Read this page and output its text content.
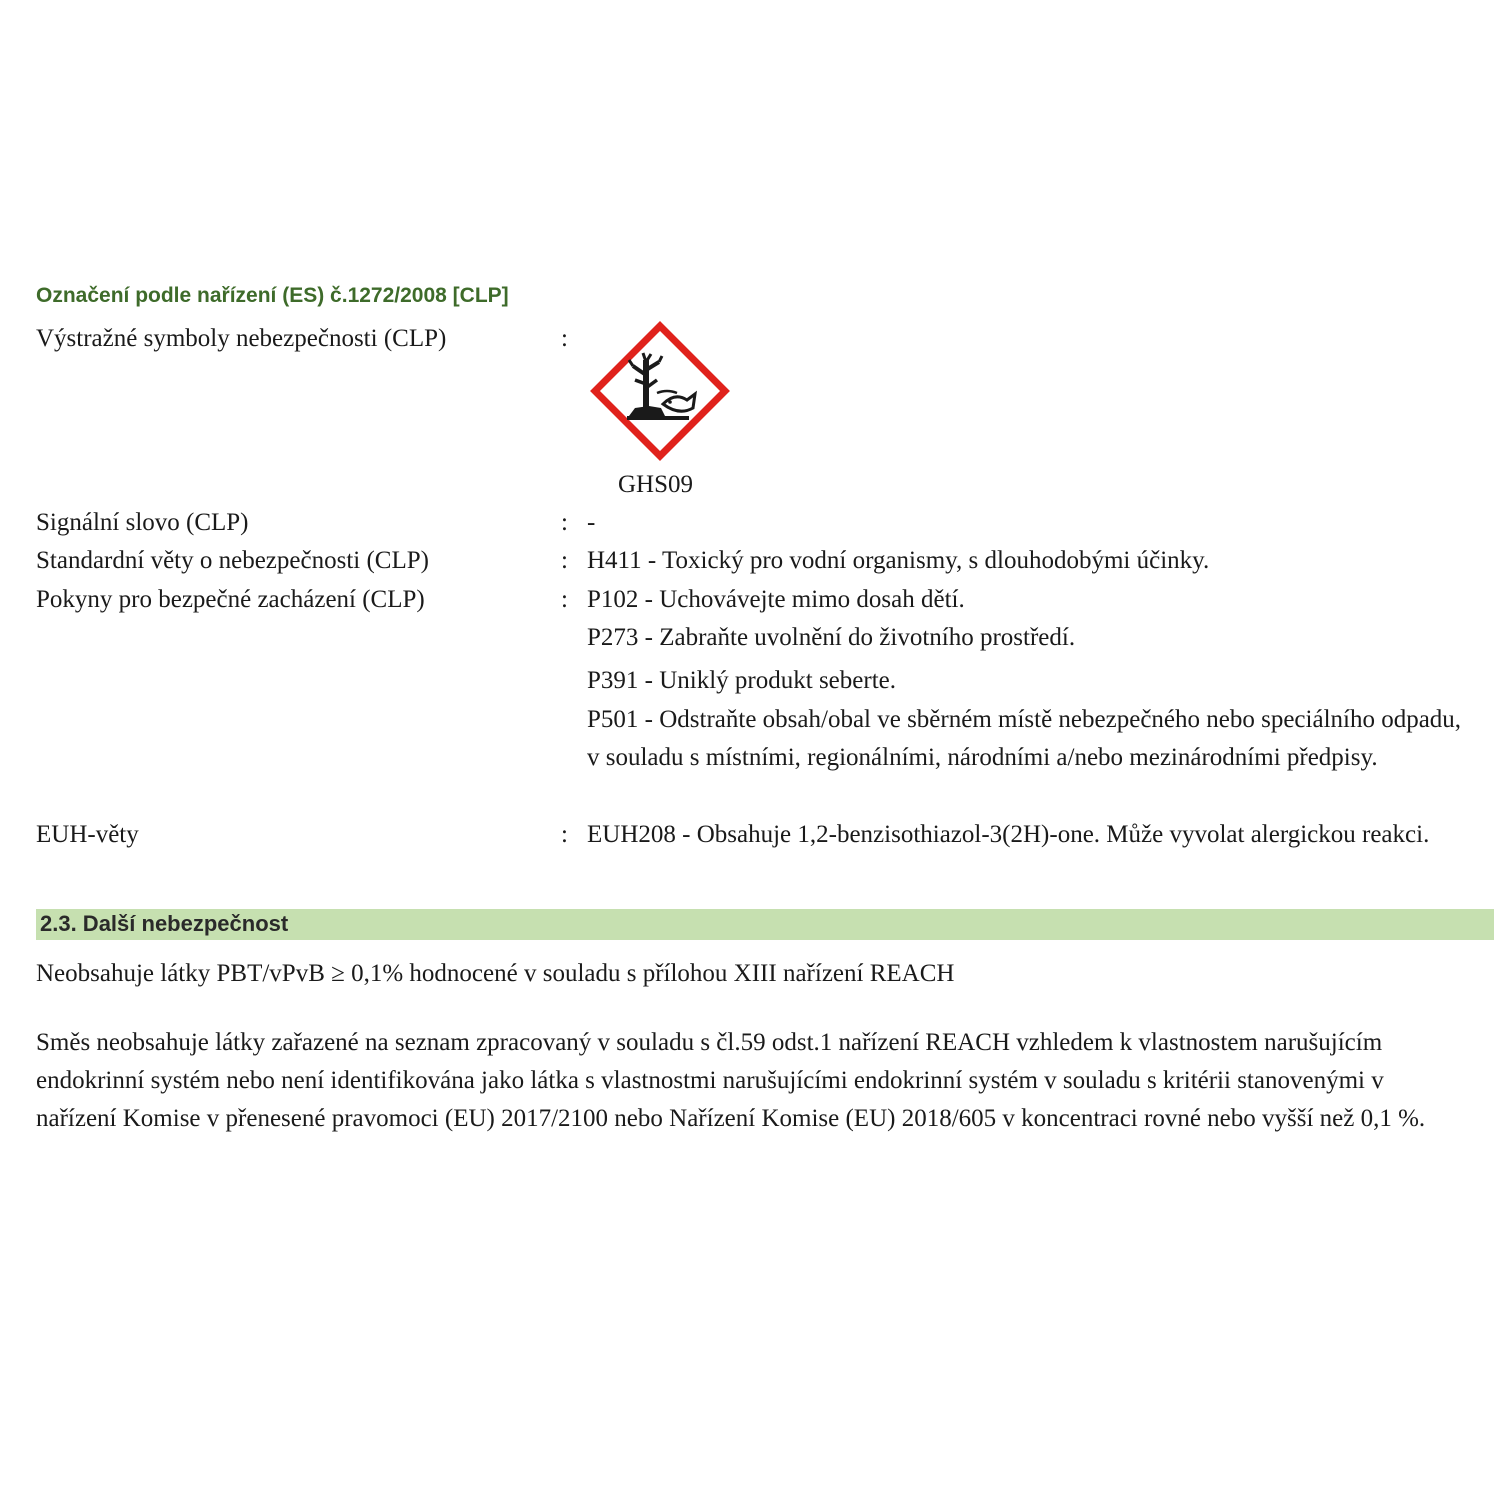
Označení podle nařízení (ES) č.1272/2008 [CLP]
Výstražné symboly nebezpečnosti (CLP)	:
GHS09
Signální slovo (CLP)	: -
Standardní věty o nebezpečnosti (CLP)	: H411 - Toxický pro vodní organismy, s dlouhodobými účinky.
Pokyny pro bezpečné zacházení (CLP)	: P102 - Uchovávejte mimo dosah dětí.
P273 - Zabraňte uvolnění do životního prostředí.
P391 - Uniklý produkt seberte.
P501 - Odstraňte obsah/obal ve sběrném místě nebezpečného nebo speciálního odpadu, v souladu s místními, regionálními, národními a/nebo mezinárodními předpisy.
EUH-věty	: EUH208 - Obsahuje 1,2-benzisothiazol-3(2H)-one. Může vyvolat alergickou reakci.
2.3. Další nebezpečnost
Neobsahuje látky PBT/vPvB ≥ 0,1% hodnocené v souladu s přílohou XIII nařízení REACH
Směs neobsahuje látky zařazené na seznam zpracovaný v souladu s čl.59 odst.1 nařízení REACH vzhledem k vlastnostem narušujícím endokrinní systém nebo není identifikována jako látka s vlastnostmi narušujícími endokrinní systém v souladu s kritérii stanovenými v nařízení Komise v přenesené pravomoci (EU) 2017/2100 nebo Nařízení Komise (EU) 2018/605 v koncentraci rovné nebo vyšší než 0,1 %.
